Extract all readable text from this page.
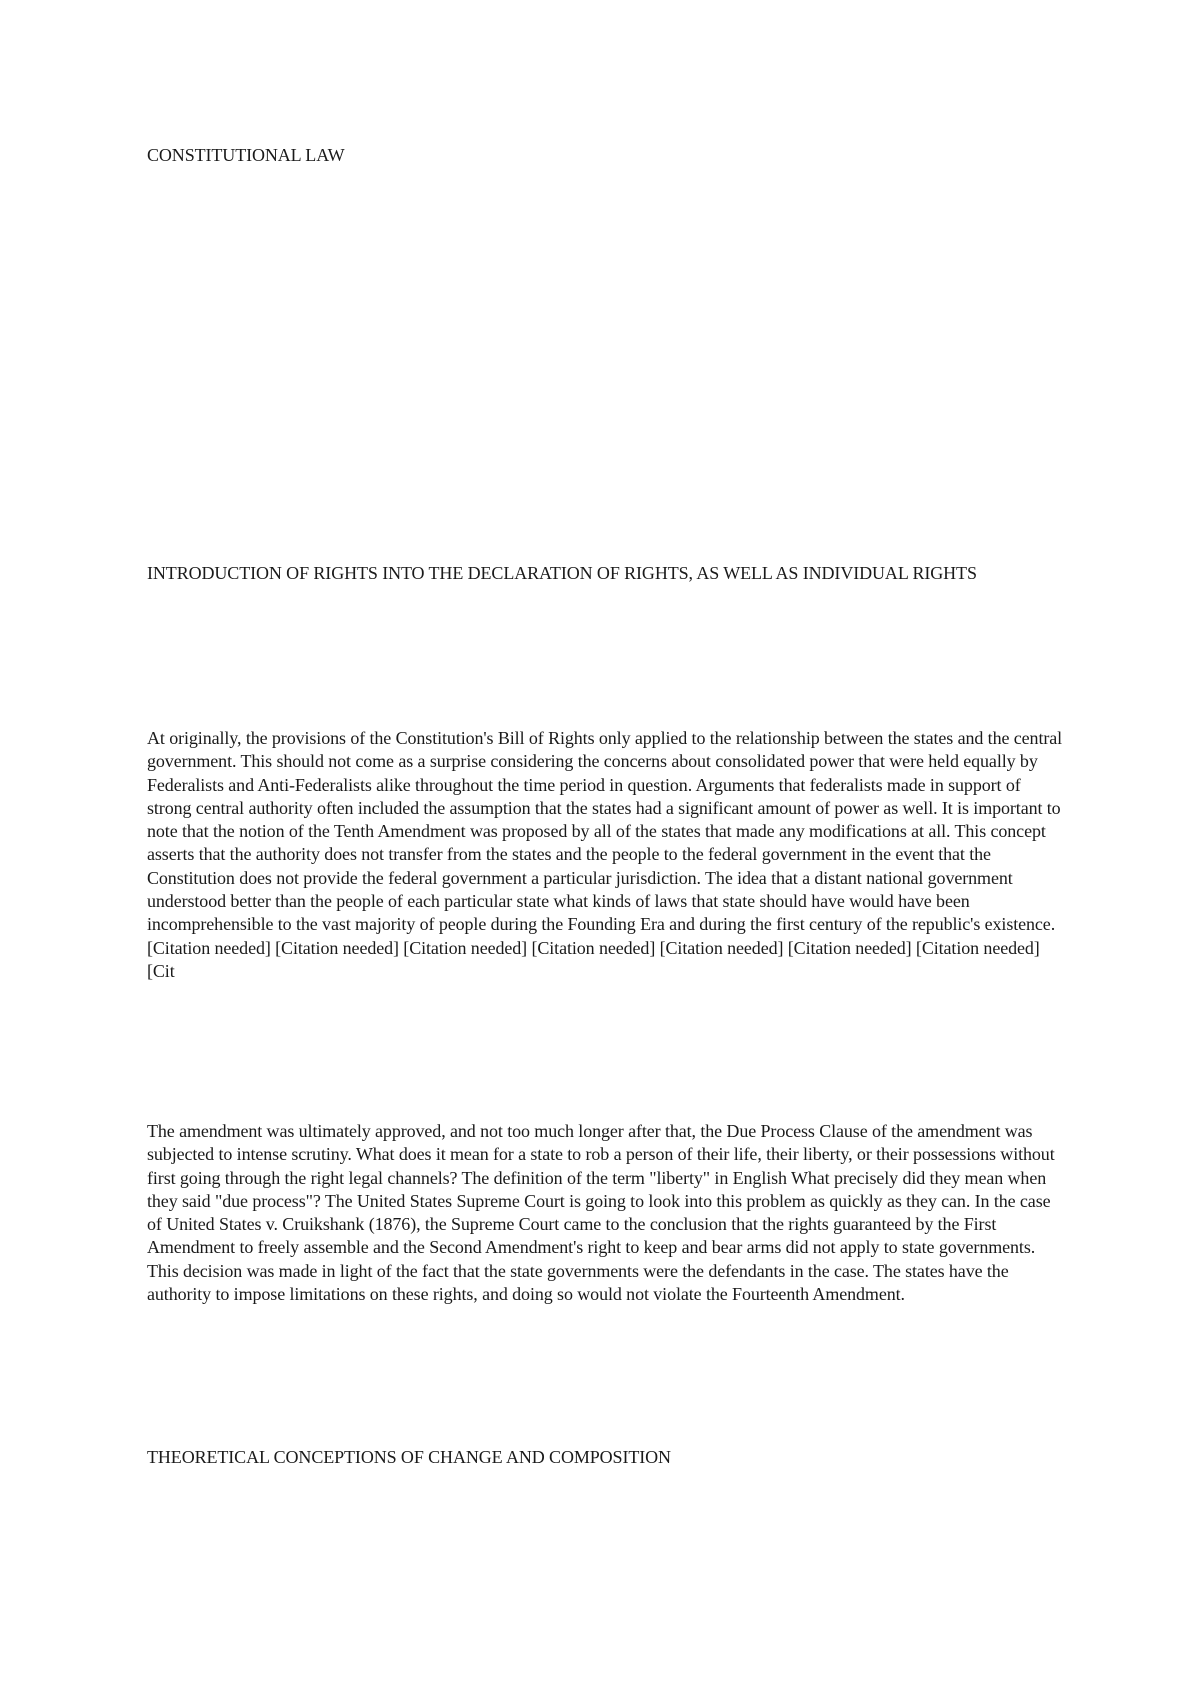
CONSTITUTIONAL LAW
INTRODUCTION OF RIGHTS INTO THE DECLARATION OF RIGHTS, AS WELL AS INDIVIDUAL RIGHTS

At originally, the provisions of the Constitution's Bill of Rights only applied to the relationship between the states and the central government. This should not come as a surprise considering the concerns about consolidated power that were held equally by Federalists and Anti-Federalists alike throughout the time period in question. Arguments that federalists made in support of strong central authority often included the assumption that the states had a significant amount of power as well. It is important to note that the notion of the Tenth Amendment was proposed by all of the states that made any modifications at all. This concept asserts that the authority does not transfer from the states and the people to the federal government in the event that the Constitution does not provide the federal government a particular jurisdiction. The idea that a distant national government understood better than the people of each particular state what kinds of laws that state should have would have been incomprehensible to the vast majority of people during the Founding Era and during the first century of the republic's existence. [Citation needed] [Citation needed] [Citation needed] [Citation needed] [Citation needed] [Citation needed] [Citation needed] [Cit

The amendment was ultimately approved, and not too much longer after that, the Due Process Clause of the amendment was subjected to intense scrutiny. What does it mean for a state to rob a person of their life, their liberty, or their possessions without first going through the right legal channels? The definition of the term "liberty" in English What precisely did they mean when they said "due process"? The United States Supreme Court is going to look into this problem as quickly as they can. In the case of United States v. Cruikshank (1876), the Supreme Court came to the conclusion that the rights guaranteed by the First Amendment to freely assemble and the Second Amendment's right to keep and bear arms did not apply to state governments. This decision was made in light of the fact that the state governments were the defendants in the case. The states have the authority to impose limitations on these rights, and doing so would not violate the Fourteenth Amendment.

THEORETICAL CONCEPTIONS OF CHANGE AND COMPOSITION
